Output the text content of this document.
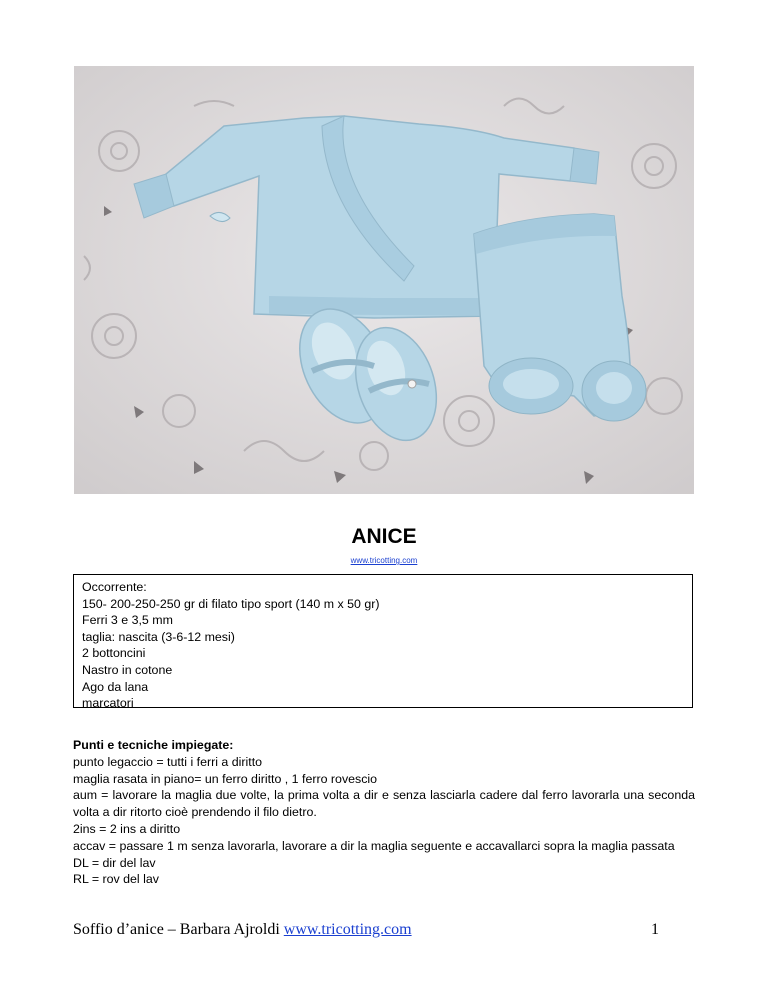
ANICE
www.tricotting.com
Occorrente:
150- 200-250-250 gr di filato tipo sport (140 m x 50 gr)
Ferri 3 e 3,5 mm
taglia: nascita (3-6-12 mesi)
2 bottoncini
Nastro in cotone
Ago da lana
marcatori
Punti e tecniche impiegate:
punto legaccio = tutti i ferri a diritto
maglia rasata in piano= un ferro diritto , 1 ferro rovescio
aum = lavorare la maglia due volte, la prima volta a dir e senza lasciarla cadere dal ferro lavorarla una seconda volta a dir ritorto cioè prendendo il filo dietro.
2ins = 2 ins a diritto
accav = passare 1 m senza lavorarla, lavorare a dir la maglia seguente e accavallarci sopra la maglia passata
DL = dir del lav
RL = rov del lav
Soffio d’anice – Barbara Ajroldi www.tricotting.com	1
